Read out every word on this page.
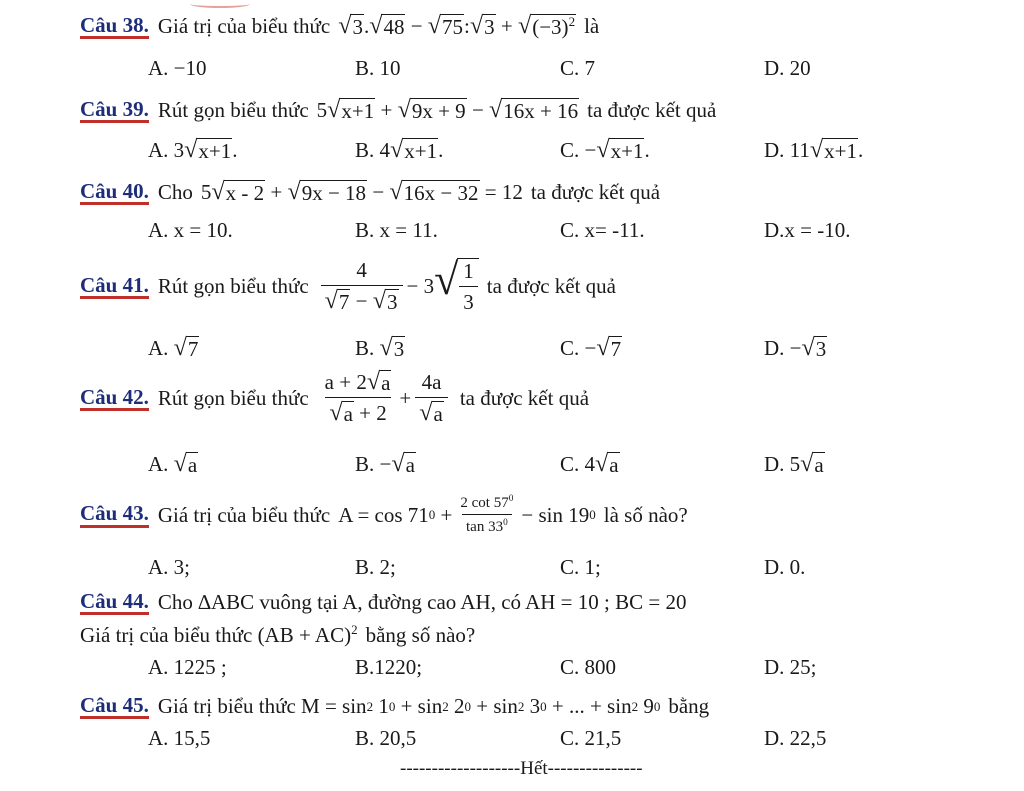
Câu 38. Giá trị của biểu thức √ 3 . √ 48
−
√ 75 : √ 3
+
√ $(-3)^2$ là
A.
−10	B.
10	C.
7	D.
20
Câu 39. Rút gọn biểu thức 5 √ x+1
+
√ 9x + 9
−
√ 16x + 16 ta được kết quả
A.
3 √ x+1 .	B.
4 √ x+1 .	C.
− √ x+1 .	D.
11 √ x+1 .
Câu 40. Cho 5 √ x - 2
+
√ 9x − 18
−
√ 16x − 32
= 12 ta được kết quả
A.
x = 10.	B.
x = 11.	C.
x= -11.	D. x = -10.
Câu 41. Rút gọn biểu thức $\frac{4}{√ 7 - √ 3}$ −
3 √ $\frac{1}{3}$ ta được kết quả
A.
√ 7	B.
√ 3	C.
− √ 7	D.
− √ 3
Câu 42. Rút gọn biểu thức $\frac{a + 2 √ a}{√ a + 2} + \frac{4a}{√ a}$ ta được kết quả
A.
√ a	B.
− √ a	C.
4 √ a	D.
5 √ a
Câu 43. Giá trị của biểu thức A = cos 71 0
+ $\frac{2 \cot 57^0}{\tan 33^0} - \sin 19$ 0 là số nào?
A.
3;	B.
2;	C.
1;	D.
0.
Câu 44. Cho ∆ABC vuông tại A, đường cao AH, có AH = 10 ; BC = 20
Giá trị của biểu thức (AB + AC)$^2$ bằng số nào?
A.
1225 ;	B. 1220;	C.
800	D.
25;
Câu 45. Giá trị biểu thức M = sin 2
1 0
+ sin 2
2 0
+ sin 2
3 0
+ ... + sin 2
9 0 bằng
A.
15,5	B.
20,5	C.
21,5	D.
22,5
-------------------Hết---------------
